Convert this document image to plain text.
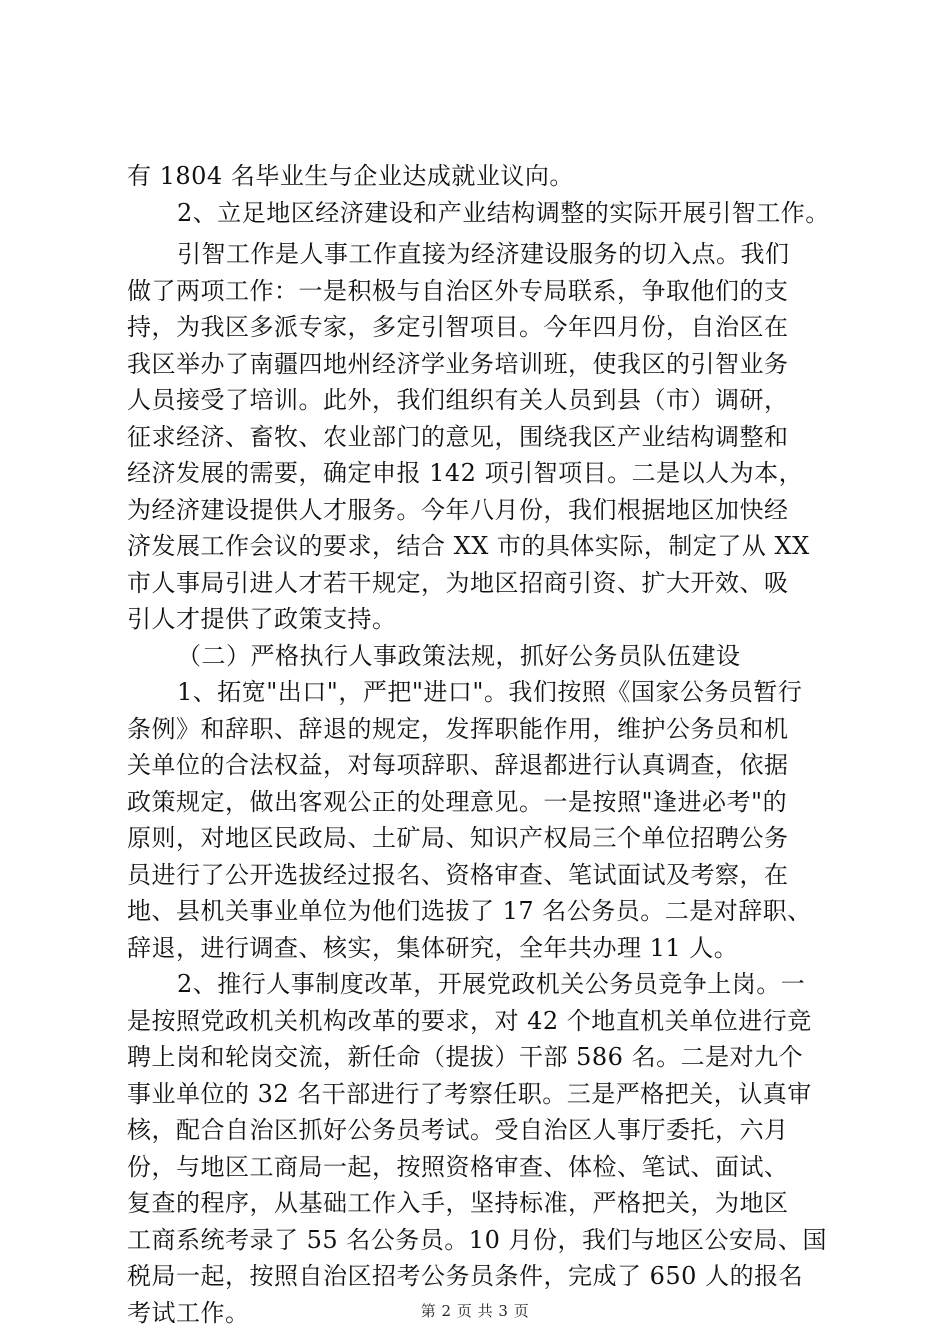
有 1804 名毕业生与企业达成就业议向。
2、立足地区经济建设和产业结构调整的实际开展引智工作。
引智工作是人事工作直接为经济建设服务的切入点。我们
做了两项工作：一是积极与自治区外专局联系，争取他们的支
持，为我区多派专家，多定引智项目。今年四月份，自治区在
我区举办了南疆四地州经济学业务培训班，使我区的引智业务
人员接受了培训。此外，我们组织有关人员到县（市）调研，
征求经济、畜牧、农业部门的意见，围绕我区产业结构调整和
经济发展的需要，确定申报 142 项引智项目。二是以人为本，
为经济建设提供人才服务。今年八月份，我们根据地区加快经
济发展工作会议的要求，结合 XX 市的具体实际，制定了从 XX
市人事局引进人才若干规定，为地区招商引资、扩大开效、吸
引人才提供了政策支持。
（二）严格执行人事政策法规，抓好公务员队伍建设
1、拓宽"出口"，严把"进口"。我们按照《国家公务员暂行
条例》和辞职、辞退的规定，发挥职能作用，维护公务员和机
关单位的合法权益，对每项辞职、辞退都进行认真调查，依据
政策规定，做出客观公正的处理意见。一是按照"逢进必考"的
原则，对地区民政局、土矿局、知识产权局三个单位招聘公务
员进行了公开选拔经过报名、资格审查、笔试面试及考察，在
地、县机关事业单位为他们选拔了 17 名公务员。二是对辞职、
辞退，进行调查、核实，集体研究，全年共办理 11 人。
2、推行人事制度改革，开展党政机关公务员竞争上岗。一
是按照党政机关机构改革的要求，对 42 个地直机关单位进行竞
聘上岗和轮岗交流，新任命（提拔）干部 586 名。二是对九个
事业单位的 32 名干部进行了考察任职。三是严格把关，认真审
核，配合自治区抓好公务员考试。受自治区人事厅委托，六月
份，与地区工商局一起，按照资格审查、体检、笔试、面试、
复查的程序，从基础工作入手，坚持标准，严格把关，为地区
工商系统考录了 55 名公务员。10 月份，我们与地区公安局、国
税局一起，按照自治区招考公务员条件，完成了 650 人的报名
考试工作。	第 2 页 共 3 页
